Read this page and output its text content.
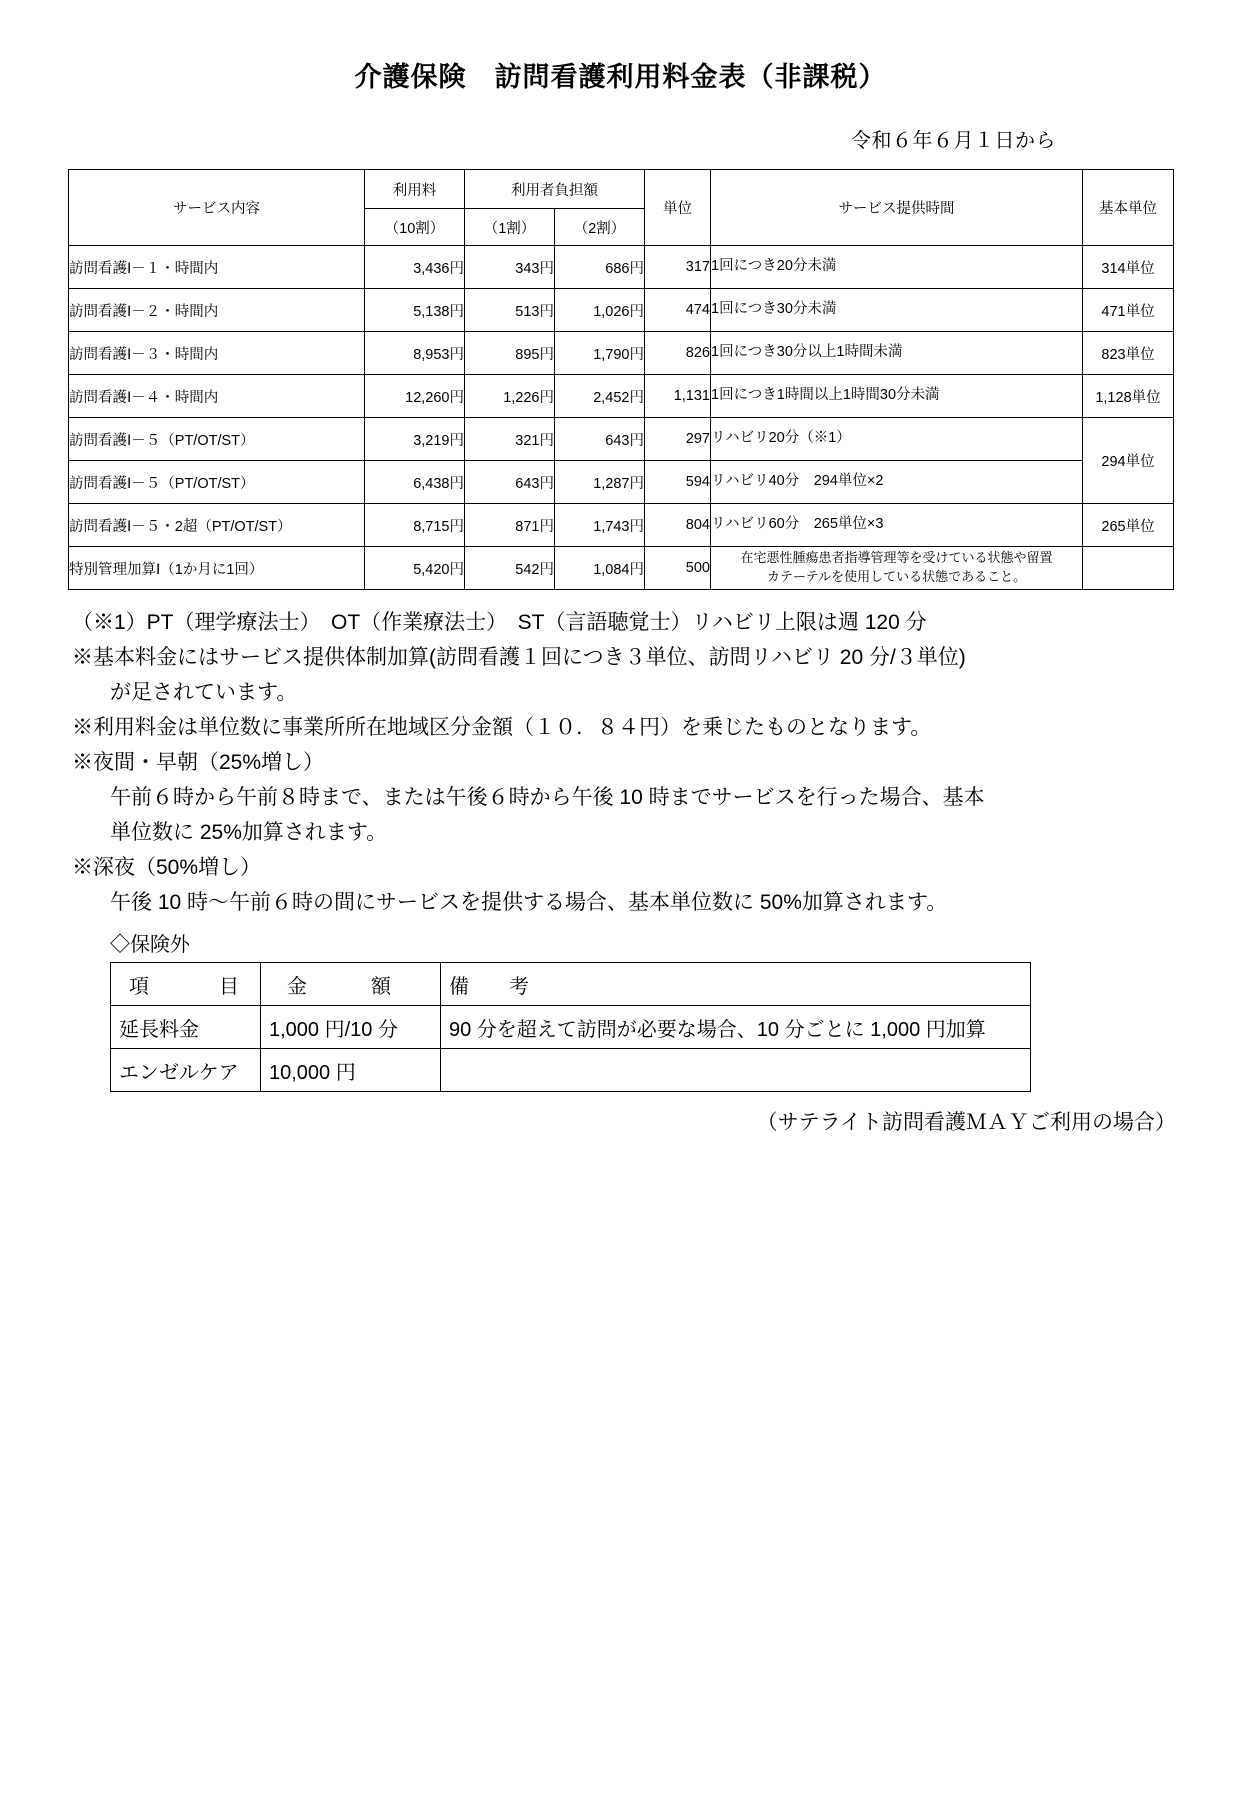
介護保険　訪問看護利用料金表（非課税）
令和６年６月１日から
サービス内容	利用料	利用者負担額		単位	サービス提供時間	基本単位
	（10割）	（1割）	（2割）			
訪問看護Ⅰ－１・時間内	3,436円	343円	686円	317	1回につき20分未満	314単位
訪問看護Ⅰ－２・時間内	5,138円	513円	1,026円	474	1回につき30分未満	471単位
訪問看護Ⅰ－３・時間内	8,953円	895円	1,790円	826	1回につき30分以上1時間未満	823単位
訪問看護Ⅰ－４・時間内	12,260円	1,226円	2,452円	1,131	1回につき1時間以上1時間30分未満	1,128単位
訪問看護Ⅰ－５（PT/OT/ST）	3,219円	321円	643円	297	リハビリ20分（※1）	294単位
訪問看護Ⅰ－５（PT/OT/ST）	6,438円	643円	1,287円	594	リハビリ40分　294単位×2	
訪問看護Ⅰ－５・2超（PT/OT/ST）	8,715円	871円	1,743円	804	リハビリ60分　265単位×3	265単位
特別管理加算Ⅰ（1か月に1回）	5,420円	542円	1,084円	500	在宅悪性腫瘍患者指導管理等を受けている状態や留置
カテーテルを使用している状態であること。	

（※1）PT（理学療法士）　OT（作業療法士）　ST（言語聴覚士）リハビリ上限は週 120 分

※基本料金にはサービス提供体制加算(訪問看護１回につき３単位、訪問リハビリ 20 分/３単位)

が足されています。

※利用料金は単位数に事業所所在地域区分金額（１０．８４円）を乗じたものとなります。

※夜間・早朝（25%増し）

午前６時から午前８時まで、または午後６時から午後 10 時までサービスを行った場合、基本

単位数に 25%加算されます。

※深夜（50%増し）

午後 10 時～午前６時の間にサービスを提供する場合、基本単位数に 50%加算されます。

◇保険外
項　　目	金　　額	備　　考
延長料金	1,000 円/10 分	90 分を超えて訪問が必要な場合、10 分ごとに 1,000 円加算
エンゼルケア	10,000 円	
（サテライト訪問看護ＭＡＹご利用の場合）
